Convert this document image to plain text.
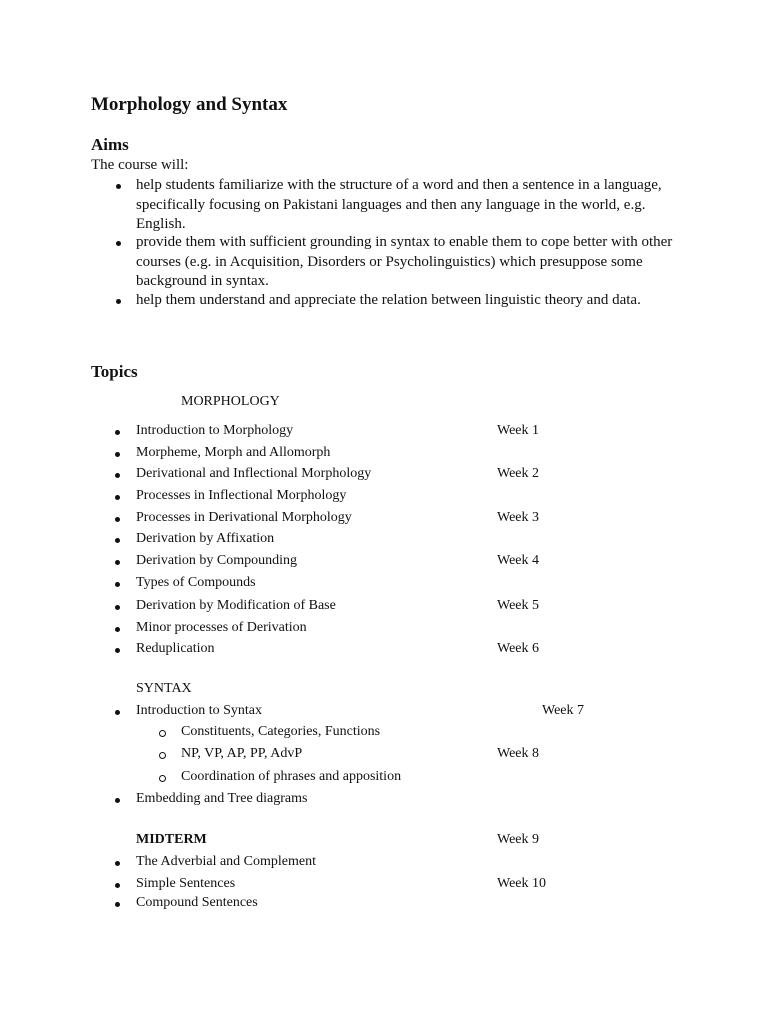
Morphology and Syntax
Aims
The course will:
help students familiarize with the structure of a word and then a sentence in a language, specifically focusing on Pakistani languages and then any language in the world, e.g. English.
provide them with sufficient grounding in syntax to enable them to cope better with other courses (e.g. in Acquisition, Disorders or Psycholinguistics) which presuppose some background in syntax.
help them understand and appreciate the relation between linguistic theory and data.
Topics
MORPHOLOGY
Introduction to Morphology	Week 1
Morpheme, Morph and Allomorph
Derivational and Inflectional Morphology	Week 2
Processes in Inflectional Morphology
Processes in Derivational Morphology	Week 3
Derivation by Affixation
Derivation by Compounding	Week 4
Types of Compounds
Derivation by Modification of Base	Week 5
Minor processes of Derivation
Reduplication	Week 6
SYNTAX
Introduction to Syntax	Week 7
Constituents, Categories, Functions
NP, VP, AP, PP, AdvP	Week 8
Coordination of phrases and apposition
Embedding and Tree diagrams
MIDTERM	Week 9
The Adverbial and Complement
Simple Sentences	Week 10
Compound Sentences
